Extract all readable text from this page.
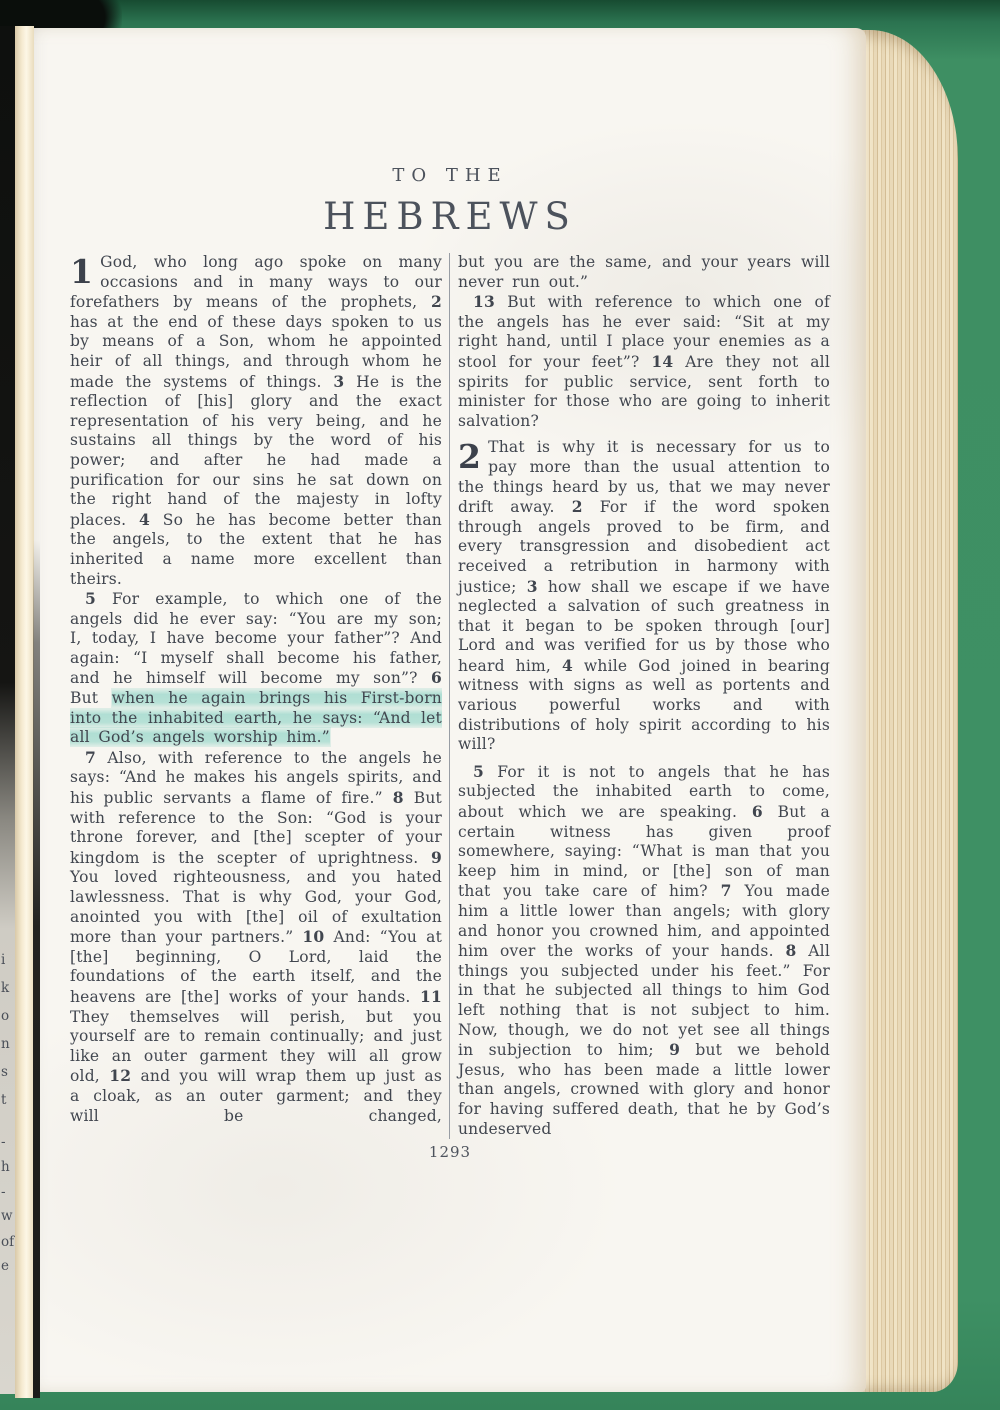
i
k
o
n
s
t
-
h
-
w
of
e
TO THE
HEBREWS

1 God, who long ago spoke on many occasions and in many ways to our forefathers by means of the prophets, 2 has at the end of these days spoken to us by means of a Son, whom he appointed heir of all things, and through whom he made the systems of things. 3 He is the reflection of [his] glory and the exact representation of his very being, and he sustains all things by the word of his power; and after he had made a purification for our sins he sat down on the right hand of the majesty in lofty places. 4 So he has become better than the angels, to the extent that he has inherited a name more excellent than theirs.

5 For example, to which one of the angels did he ever say: “You are my son; I, today, I have become your father”? And again: “I myself shall become his father, and he himself will become my son”? 6 But when he again brings his First-born into the inhabited earth, he says: “And let all God’s angels worship him.”

7 Also, with reference to the angels he says: “And he makes his angels spirits, and his public servants a flame of fire.” 8 But with reference to the Son: “God is your throne forever, and [the] scepter of your kingdom is the scepter of uprightness. 9 You loved righteousness, and you hated lawlessness. That is why God, your God, anointed you with [the] oil of exultation more than your partners.” 10 And: “You at [the] beginning, O Lord, laid the foundations of the earth itself, and the heavens are [the] works of your hands. 11 They themselves will perish, but you yourself are to remain continually; and just like an outer garment they will all grow old, 12 and you will wrap them up just as a cloak, as an outer garment; and they will be changed,

but you are the same, and your years will never run out.”

13 But with reference to which one of the angels has he ever said: “Sit at my right hand, until I place your enemies as a stool for your feet”? 14 Are they not all spirits for public service, sent forth to minister for those who are going to inherit salvation?

2 That is why it is necessary for us to pay more than the usual attention to the things heard by us, that we may never drift away. 2 For if the word spoken through angels proved to be firm, and every transgression and disobedient act received a retribution in harmony with justice; 3 how shall we escape if we have neglected a salvation of such greatness in that it began to be spoken through [our] Lord and was verified for us by those who heard him, 4 while God joined in bearing witness with signs as well as portents and various powerful works and with distributions of holy spirit according to his will?

5 For it is not to angels that he has subjected the inhabited earth to come, about which we are speaking. 6 But a certain witness has given proof somewhere, saying: “What is man that you keep him in mind, or [the] son of man that you take care of him? 7 You made him a little lower than angels; with glory and honor you crowned him, and appointed him over the works of your hands. 8 All things you subjected under his feet.” For in that he subjected all things to him God left nothing that is not subject to him. Now, though, we do not yet see all things in subjection to him; 9 but we behold Jesus, who has been made a little lower than angels, crowned with glory and honor for having suffered death, that he by God’s undeserved

1293
